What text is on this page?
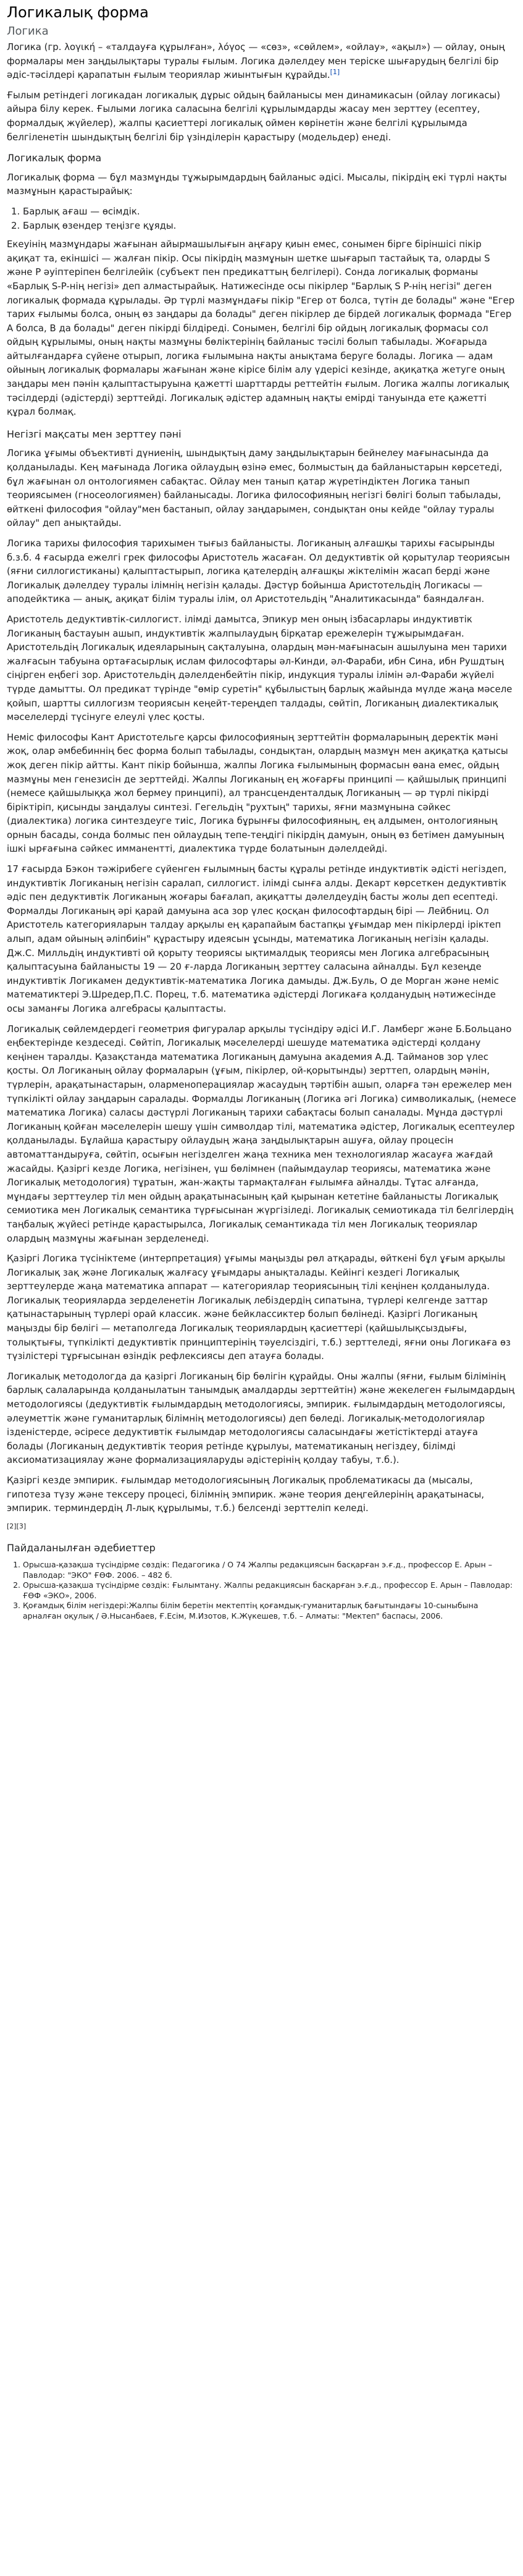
Логикалық форма
Логика

Логика (гр. λογική – «талдауға құрылған», λόγος — «сөз», «сөйлем», «ойлау», «ақыл») — ойлау, оның формалары мен заңдылықтары туралы ғылым. Логика дәлелдеу мен терiске шығарудың белгiлi бiр әдiс-тәсiлдерi қарапатын ғылым теориялар жиынтығын құрайды.[1]

Ғылым ретіндегі логикадан логикалық дұрыс ойдың байланысы мен динамикасын (ойлау логикасы) айыра білу керек. Ғылыми логика саласына белгілі құрылымдарды жасау мен зерттеу (есептеу, формалдық жүйелер), жалпы қасиеттері логикалық оймен көрінетін және белгілі құрылымда белгіленетін шындықтың белгілі бір үзінділерін қарастыру (модельдер) енеді.

Логикалық форма

Логикалық форма — бұл мазмұнды тұжырымдардың байланыс әдісі. Мысалы, пікірдің екі түрлі нақты мазмұнын қарастырайық:

1. Барлық ағаш — өсімдік.
2. Барлық өзендер теңізге құяды.

Екеуінің мазмұндары жағынан айырмашылығын аңғару қиын емес, сонымен бірге біріншісі пікір ақиқат та, екіншісі — жалған пікір. Осы пікірдің мазмұнын шетке шығарып тастайық та, оларды S және P әуіптеріпен белгілейік (субъект пен предикаттың белгілері). Сонда логикалық форманы «Барлық S-P-нің негізі» деп алмастырайық. Натижесінде осы пікірлер "Барлық S P-нің негізі" деген логикалық формада құрылады. Әр түрлі мазмұндағы пікір "Егер от болса, түтін де болады" және "Егер тарих ғылымы болса, оның өз заңдары да болады" деген пікірлер де бірдей логикалық формада "Егер A болса, B да болады" деген пікірді білдіреді. Сонымен, белгілі бір ойдың логикалық формасы сол ойдың құрылымы, оның нақты мазмұны бөліктерінің байланыс тәсілі болып табылады. Жоғарыда айтылғандарға сүйене отырып, логика ғылымына нақты анықтама беруге болады. Логика — адам ойының логикалық формалары жағынан және кірісе білім алу үдерісі кезінде, ақиқатқа жетуге оның заңдары мен пәнін қалыптастыруына қажетті шарттарды реттейтін ғылым. Логика жалпы логикалық тәсілдерді (әдістерді) зерттейді. Логикалық әдістер адамның нақты емірді тануында ете қажетті құрал болмақ.

Негізгі мақсаты мен зерттеу пәні

Логика ұғымы объективті дүниенің, шындықтың даму заңдылықтарын бейнелеу мағынасында да қолданылады. Кең мағынада Логика ойлаудың өзінә емес, болмыстың да байланыстарын көрсетеді, бұл жағынан ол онтологиямен сабақтас. Ойлау мен танып қатар жүретіндіктен Логика танып теориясымен (гносеологиямен) байланысады. Логика философияның негізгі бөлігі болып табылады, өйткені философия "ойлау"мен бастанып, ойлау заңдарымен, сондықтан оны кейде "ойлау туралы ойлау" деп анықтайды.

Логика тарихы философия тарихымен тығыз байланысты. Логиканың алғашқы тарихы ғасырынды б.з.б. 4 ғасырда ежелгі грек философы Аристотель жасаған. Ол дедуктивтік ой қорытулар теориясын (яғни силлогистиканы) қалыптастырып, логика қателердің алғашқы жіктелімін жасап берді және Логикалық дәлелдеу туралы ілімнің негізін қалады. Дәстүр бойынша Аристотельдің Логикасы — аподейктика — анық, ақиқат білім туралы ілім, ол Аристотельдің "Аналитикасында" баяндалған.

Аристотель дедуктивтік-силлогист. ілімді дамытса, Эпикур мен оның ізбасарлары индуктивтік Логиканың бастауын ашып, индуктивтік жалпылаудың бірқатар ережелерін тұжырымдаған. Аристотельдің Логикалық идеяларының сақталуына, олардың мән-мағынасын ашылуына мен тарихи жалғасын табуына ортағасырлық ислам философтары әл-Кинди, әл-Фараби, ибн Сина, ибн Рушдтың сіңірген еңбегі зор. Аристотельдің дәлелденбейтін пікір, индукция туралы ілімін әл-Фараби жүйелі түрде дамытты. Ол предикат түрінде "өмір суретін" құбылыстың барлық жайында мүлде жаңа мәселе қойып, шартты силлогизм теориясын кеңейт-тереңдеп талдады, сөйтіп, Логиканың диалектикалық мәселелерді түсінуге елеулі үлес қосты.

Неміс философы Кант Аристотельге қарсы философияның зерттейтін формаларының деректік мәні жоқ, олар әмбебиннің бес форма болып табылады, сондықтан, олардың мазмұн мен ақиқатқа қатысы жоқ деген пікір айтты. Кант пікір бойынша, жалпы Логика ғылымының формасын өана емес, ойдың мазмұны мен генезисін де зерттейді. Жалпы Логиканың ең жоғарғы принципі — қайшылық принципі (немесе қайшылыққа жол бермеу принципі), ал трансценденталдық Логиканың — әр түрлі пікірді біріктіріп, қисынды заңдалуы синтезі. Гегельдің "рухтың" тарихы, яғни мазмұнына сәйкес (диалектика) логика синтездеуге тиіс, Логика бұрынғы философияның, ең алдымен, онтологияның орнын басады, сонда болмыс пен ойлаудың тепе-теңдігі пікірдің дамуын, оның өз бетімен дамуының ішкі ырғағына сәйкес имманентті, диалектика түрде болатынын дәлелдейді.

17 ғасырда Бэкон тәжірибеге сүйенген ғылымның басты құралы ретінде индуктивтік әдісті негіздеп, индуктивтік Логиканың негізін саралап, силлогист. ілімді сынға алды. Декарт көрсеткен дедуктивтік әдіс пен дедуктивтік Логиканың жоғары бағалап, ақиқатты дәлелдеудің басты жолы деп есептеді. Формалды Логиканың әрі қарай дамуына аса зор үлес қосқан философтардың бірі — Лейбниц. Ол Аристотель категорияларын талдау арқылы ең қарапайым бастапқы ұғымдар мен пікірлерді іріктеп алып, адам ойының әліпбиін" құрастыру идеясын ұсынды, математика Логиканың негізін қалады. Дж.С. Милльдің индуктивті ой қорыту теориясы ықтималдық теориясы мен Логика алгебрасының қалыптасуына байланысты 19 — 20 ғ-ларда Логиканың зерттеу саласына айналды. Бұл кезеңде индуктивтік Логикамен дедуктивтік-математика Логика дамыды. Дж.Буль, О де Морган және неміс математиктері Э.Шредер,П.С. Порец, т.б. математика әдістерді Логикаға қолданудың нәтижесінде осы заманғы Логика алгебрасы қалыптасты.

Логикалық сөйлемдердегі геометрия фигуралар арқылы түсіндіру әдісі И.Г. Ламберг және Б.Больцано еңбектерінде кездеседі. Сөйтіп, Логикалық мәселелерді шешуде математика әдістерді қолдану кеңінен таралды. Қазақстанда математика Логиканың дамуына академия А.Д. Тайманов зор үлес қосты. Ол Логиканың ойлау формаларын (ұғым, пікірлер, ой-қорытынды) зерттеп, олардың мәнін, түрлерін, арақатынастарын, оларменоперациялар жасаудың тәртібін ашып, оларға тән ережелер мен түпкілікті ойлау заңдарын саралады. Формалды Логиканың (Логика әгі Логика) символикалық, (немесе математика Логика) саласы дәстүрлі Логиканың тарихи сабақтасы болып саналады. Мұнда дәстүрлі Логиканың қойған мәселелерін шешу үшін символдар тілі, математика әдістер, Логикалық есептеулер қолданылады. Бұлайша қарастыру ойлаудың жаңа заңдылықтарын ашуға, ойлау процесін автоматтандыруға, сөйтіп, осығын негізделген жаңа техника мен технологиялар жасауға жағдай жасайды. Қазіргі кезде Логика, негізінен, үш бөлімнен (пайымдаулар теориясы, математика және Логикалық методология) тұратын, жан-жақты тармақталған ғылымға айналды. Тұтас алғанда, мұндағы зерттеулер тіл мен ойдың арақатынасының қай қырынан кететіне байланысты Логикалық семиотика мен Логикалық семантика түрғысынан жүргізіледі. Логикалық семиотикада тіл белгілердің таңбалық жүйесі ретінде қарастырылса, Логикалық семантикада тіл мен Логикалық теориялар олардың мазмұны жағынан зерделенеді.

Қазіргі Логика түсініктеме (интерпретация) ұғымы маңызды рөл атқарады, өйткені бұл ұғым арқылы Логикалық зақ және Логикалық жалғасу ұғымдары анықталады. Кейінгі кездегі Логикалық зерттеулерде жаңа математика аппарат — категориялар теориясының тілі кеңінен қолданылуда. Логикалық теорияларда зерделенетін Логикалық лебіздердің сипатына, түрлері келгенде заттар қатынастарының түрлері орай классик. және бейклассиктер болып бөлінеді. Қазіргі Логиканың маңызды бір бөлігі — метаполгеда Логикалық теориялардың қасиеттері (қайшылықсыздығы, толықтығы, түпкілікті дедуктивтік принциптерінің тәуелсіздігі, т.б.) зерттеледі, яғни оны Логикаға өз түзілістері тұрғысынан өзіндік рефлексиясы деп атауға болады.

Логикалық методологда да қазіргі Логиканың бір бөлігін құрайды. Оны жалпы (яғни, ғылым білімінің барлық салаларында қолданылатын танымдық амалдарды зерттейтін) және жекелеген ғылымдардың методологиясы (дедуктивтік ғылымдардың методологиясы, эмпирик. ғылымдардың методологиясы, әлеуметтік және гуманитарлық білімнің методологиясы) деп бөледі. Логикалық-методологиялар ізденістерде, әсіресе дедуктивтік ғылымдар методологиясы саласындағы жетістіктерді атауға болады (Логиканың дедуктивтік теория ретінде құрылуы, математиканың негіздеу, білімді аксиоматизациялау және формализацияларуды әдістерінің қолдау табуы, т.б.).

Қазіргі кезде эмпирик. ғылымдар методологиясының Логикалық проблематикасы да (мысалы, гипотеза түзу және тексеру процесі, білімнің эмпирик. және теория деңгейлерінің арақатынасы, эмпирик. терминдердің Л-лық құрылымы, т.б.) белсенді зерттеліп келеді.

[2][3]
Пайдаланылған әдебиеттер
1. Орысша-қазақша түсіндірме сөздік: Педагогика / О 74 Жалпы редакциясын басқарған э.ғ.д., профессор Е. Арын – Павлодар: "ЭКО" ҒӨФ. 2006. – 482 б.
2. Орысша-қазақша түсіндірме сөздік: Ғылымтану. Жалпы редакциясын басқарған э.ғ.д., профессор Е. Арын – Павлодар: ҒӨФ «ЭКО», 2006.
3. Қоғамдық білім негіздері:Жалпы білім беретін мектептің қоғамдық-гуманитарлық бағытындағы 10-сыныбына арналған оқулық / Ә.Нысанбаев, Ғ.Есім, М.Изотов, К.Жүкешев, т.б. – Алматы: "Мектеп" баспасы, 2006.
